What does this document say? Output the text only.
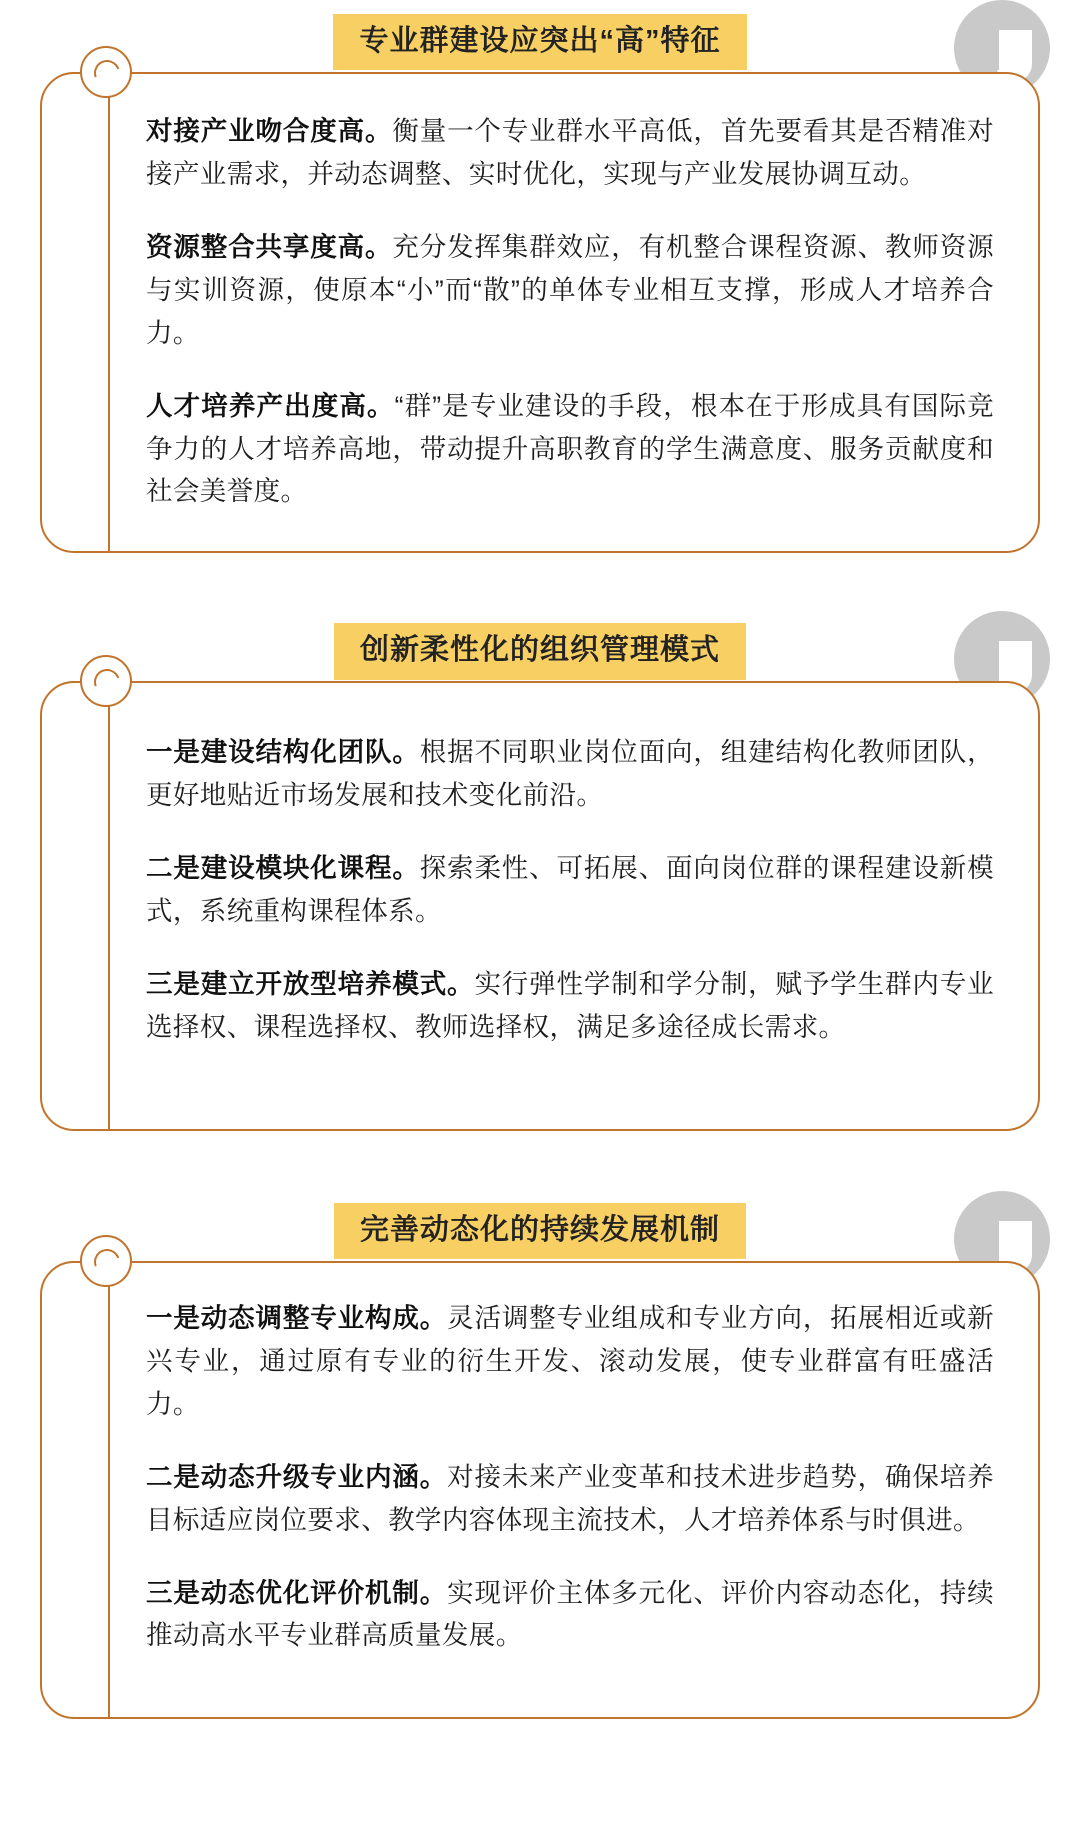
专业群建设应突出“高”特征

对接产业吻合度高。衡量一个专业群水平高低，首先要看其是否精准对接产业需求，并动态调整、实时优化，实现与产业发展协调互动。

资源整合共享度高。充分发挥集群效应，有机整合课程资源、教师资源与实训资源，使原本“小”而“散”的单体专业相互支撑，形成人才培养合力。

人才培养产出度高。“群”是专业建设的手段，根本在于形成具有国际竞争力的人才培养高地，带动提升高职教育的学生满意度、服务贡献度和社会美誉度。

创新柔性化的组织管理模式

一是建设结构化团队。根据不同职业岗位面向，组建结构化教师团队，更好地贴近市场发展和技术变化前沿。

二是建设模块化课程。探索柔性、可拓展、面向岗位群的课程建设新模式，系统重构课程体系。

三是建立开放型培养模式。实行弹性学制和学分制，赋予学生群内专业选择权、课程选择权、教师选择权，满足多途径成长需求。

完善动态化的持续发展机制

一是动态调整专业构成。灵活调整专业组成和专业方向，拓展相近或新兴专业，通过原有专业的衍生开发、滚动发展，使专业群富有旺盛活力。

二是动态升级专业内涵。对接未来产业变革和技术进步趋势，确保培养目标适应岗位要求、教学内容体现主流技术，人才培养体系与时俱进。

三是动态优化评价机制。实现评价主体多元化、评价内容动态化，持续推动高水平专业群高质量发展。
